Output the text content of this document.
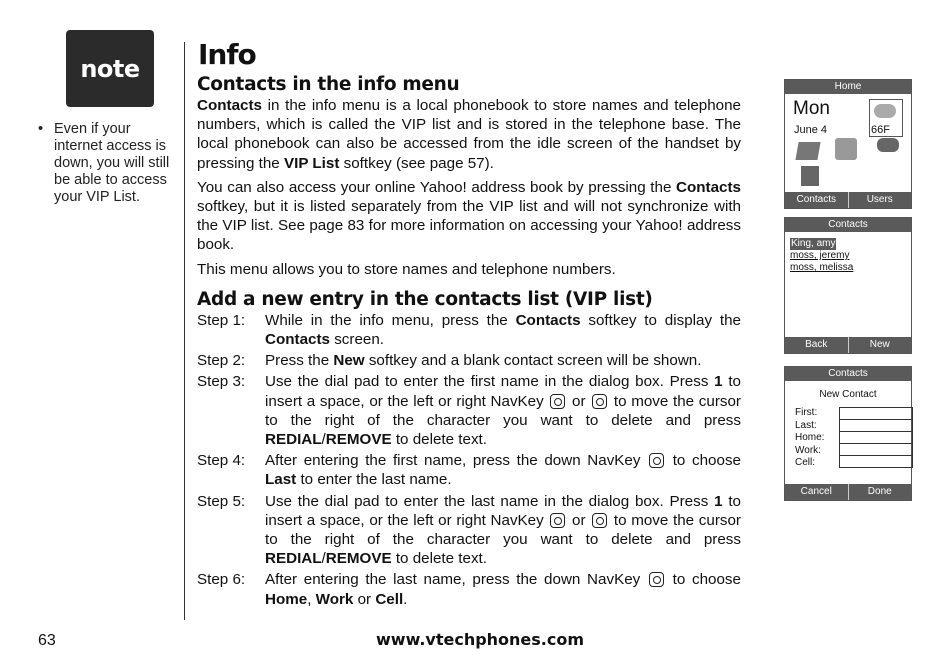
note
• Even if your internet access is down, you will still be able to access your VIP List.
Info
Contacts in the info menu

Contacts in the info menu is a local phonebook to store names and telephone numbers, which is called the VIP list and is stored in the telephone base. The local phonebook can also be accessed from the idle screen of the handset by pressing the VIP List softkey (see page 57).

You can also access your online Yahoo! address book by pressing the Contacts softkey, but it is listed separately from the VIP list and will not synchronize with the VIP list. See page 83 for more information on accessing your Yahoo! address book.

This menu allows you to store names and telephone numbers.

Add a new entry in the contacts list (VIP list)
Step 1:	While in the info menu, press the Contacts softkey to display the Contacts screen.
Step 2:	Press the New softkey and a blank contact screen will be shown.
Step 3:	Use the dial pad to enter the first name in the dialog box. Press 1 to insert a space, or the left or right NavKey  or  to move the cursor to the right of the character you want to delete and press REDIAL/REMOVE to delete text.
Step 4:	After entering the first name, press the down NavKey  to choose Last to enter the last name.
Step 5:	Use the dial pad to enter the last name in the dialog box. Press 1 to insert a space, or the left or right NavKey  or  to move the cursor to the right of the character you want to delete and press REDIAL/REMOVE to delete text.
Step 6:	After entering the last name, press the down NavKey  to choose Home, Work or Cell.
Home
Mon
June 4	66F
Contacts	Users
Contacts
King, amy
moss, jeremy
moss, melissa
Back	New
Contacts
New Contact
First:
Last:
Home:
Work:
Cell:
Cancel	Done
63	www.vtechphones.com
